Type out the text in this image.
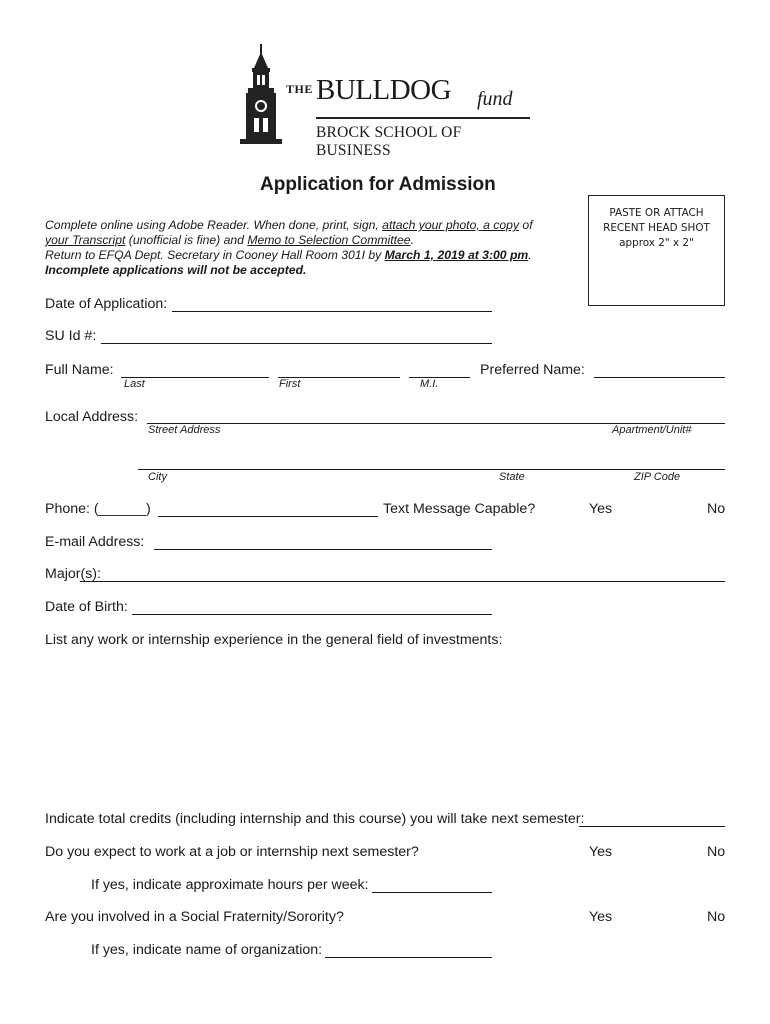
THE BULLDOG fund
BROCK SCHOOL OF BUSINESS
Application for Admission
Complete online using Adobe Reader. When done, print, sign, attach your photo, a copy of
your Transcript (unofficial is fine) and Memo to Selection Committee.
Return to EFQA Dept. Secretary in Cooney Hall Room 301I by March 1, 2019 at 3:00 pm.
Incomplete applications will not be accepted.
PASTE OR ATTACH
RECENT HEAD SHOT
approx 2" x 2"
Date of Application:
SU Id #:
Full Name:
Last	First	M.I.
Preferred Name:
Local Address:
Street Address	Apartment/Unit#
City	State	ZIP Code
Phone: (______)	Text Message Capable?	Yes	No
E-mail Address:
Major(s):
Date of Birth:
List any work or internship experience in the general field of investments:
Indicate total credits (including internship and this course) you will take next semester:
Do you expect to work at a job or internship next semester?	Yes	No
If yes, indicate approximate hours per week:
Are you involved in a Social Fraternity/Sorority?	Yes	No
If yes, indicate name of organization:
